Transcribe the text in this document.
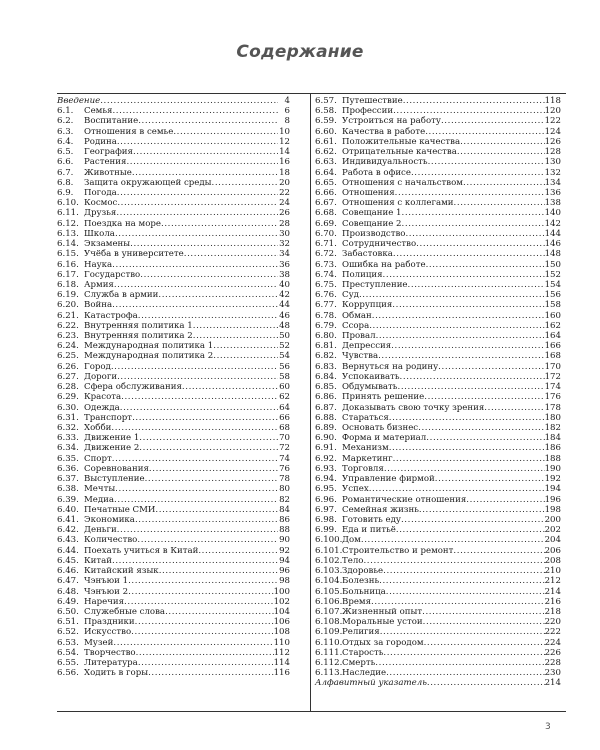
Содержание
Введение .....	4
6.1.	Семья .....	6
6.2.	Воспитание .....	8
6.3.	Отношения в семье .....	10
6.4.	Родина .....	12
6.5.	География .....	14
6.6.	Растения .....	16
6.7.	Животные .....	18
6.8.	Защита окружающей среды .....	20
6.9.	Погода .....	22
6.10. Космос .....	24
6.11. Друзья .....	26
6.12. Поездка на море .....	28
6.13. Школа .....	30
6.14. Экзамены .....	32
6.15. Учёба в университете .....	34
6.16. Наука .....	36
6.17. Государство .....	38
6.18. Армия .....	40
6.19. Служба в армии .....	42
6.20. Война .....	44
6.21. Катастрофа .....	46
6.22. Внутренняя политика 1 .....	48
6.23. Внутренняя политика 2 .....	50
6.24. Международная политика 1 .....	52
6.25. Международная политика 2 .....	54
6.26. Город .....	56
6.27. Дороги .....	58
6.28. Сфера обслуживания .....	60
6.29. Красота .....	62
6.30. Одежда .....	64
6.31. Транспорт .....	66
6.32. Хобби .....	68
6.33. Движение 1 .....	70
6.34. Движение 2 .....	72
6.35. Спорт .....	74
6.36. Соревнования .....	76
6.37. Выступление .....	78
6.38. Мечты .....	80
6.39. Медиа .....	82
6.40. Печатные СМИ .....	84
6.41. Экономика .....	86
6.42. Деньги .....	88
6.43. Количество .....	90
6.44. Поехать учиться в Китай .....	92
6.45. Китай .....	94
6.46. Китайский язык .....	96
6.47. Чэнъюи 1 .....	98
6.48. Чэнъюи 2 .....	100
6.49. Наречия .....	102
6.50. Служебные слова .....	104
6.51. Праздники .....	106
6.52. Искусство .....	108
6.53. Музей .....	110
6.54. Творчество .....	112
6.55. Литература .....	114
6.56. Ходить в горы .....	116
6.57. Путешествие .....	118
6.58. Профессии .....	120
6.59. Устроиться на работу .....	122
6.60. Качества в работе .....	124
6.61. Положительные качества .....	126
6.62. Отрицательные качества .....	128
6.63. Индивидуальность .....	130
6.64. Работа в офисе .....	132
6.65. Отношения с начальством .....	134
6.66. Отношения .....	136
6.67. Отношения с коллегами .....	138
6.68. Совещание 1 .....	140
6.69. Совещание 2 .....	142
6.70. Производство .....	144
6.71. Сотрудничество .....	146
6.72. Забастовка .....	148
6.73. Ошибка на работе .....	150
6.74. Полиция .....	152
6.75. Преступление .....	154
6.76. Суд .....	156
6.77. Коррупция .....	158
6.78. Обман .....	160
6.79. Ссора .....	162
6.80. Провал .....	164
6.81. Депрессия .....	166
6.82. Чувства .....	168
6.83. Вернуться на родину .....	170
6.84. Успокаивать .....	172
6.85. Обдумывать .....	174
6.86. Принять решение .....	176
6.87. Доказывать свою точку зрения .....	178
6.88. Стараться .....	180
6.89. Основать бизнес .....	182
6.90. Форма и материал .....	184
6.91. Механизм .....	186
6.92. Маркетинг .....	188
6.93. Торговля .....	190
6.94. Управление фирмой .....	192
6.95. Успех .....	194
6.96. Романтические отношения .....	196
6.97. Семейная жизнь .....	198
6.98. Готовить еду .....	200
6.99. Еда и питьё .....	202
6.100. Дом .....	204
6.101. Строительство и ремонт .....	206
6.102. Тело .....	208
6.103. Здоровье .....	210
6.104. Болезнь .....	212
6.105. Больница .....	214
6.106. Время .....	216
6.107. Жизненный опыт .....	218
6.108. Моральные устои .....	220
6.109. Религия .....	222
6.110. Отдых за городом .....	224
6.111. Старость .....	226
6.112. Смерть .....	228
6.113. Наследие .....	230
Алфавитный указатель .....	214
3
